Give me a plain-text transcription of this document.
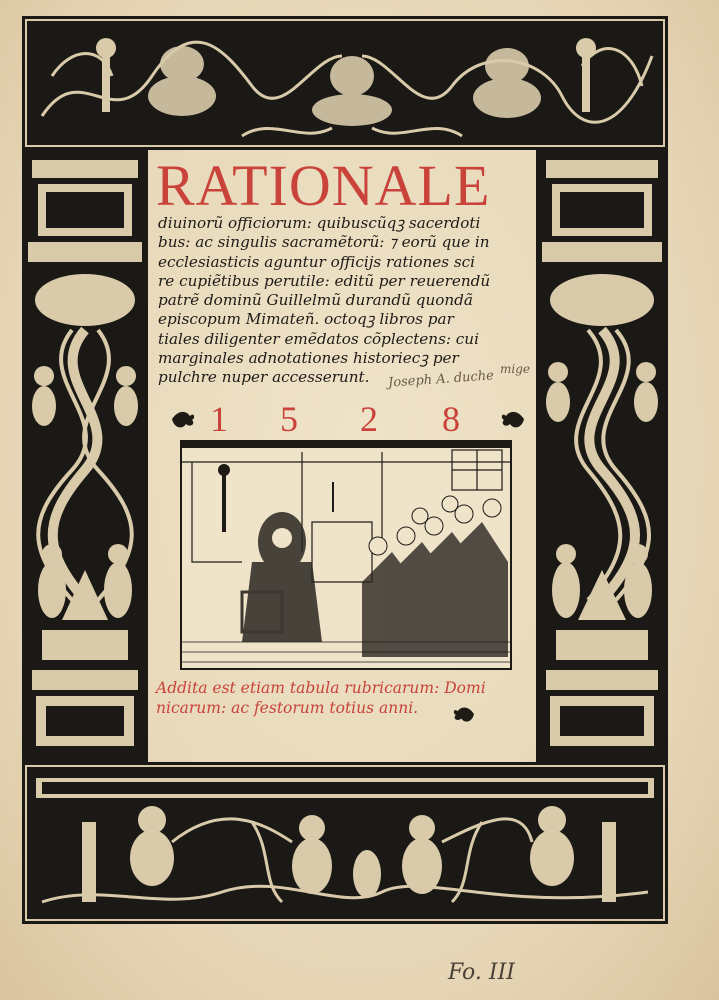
RATIONALE
diuinorũ officiorum: quibuscũqꝫ sacerdoti
bus: ac singulis sacramẽtorũ: ⁊ eorũ que in
ecclesiasticis aguntur officijs rationes sci
re cupiẽtibus perutile: editũ per reuerendũ
patrẽ dominũ Guillelmũ durandũ quondã
episcopum Mimateñ. octoqꝫ libros par
tiales diligenter emẽdatos cõplectens: cui
marginales adnotationes historiecꝫ per
pulchre nuper accesserunt.	Joseph A. duche mige
1 5 2 8
Addita est etiam tabula rubricarum: Domi
nicarum: ac festorum totius anni.
Fo. III
